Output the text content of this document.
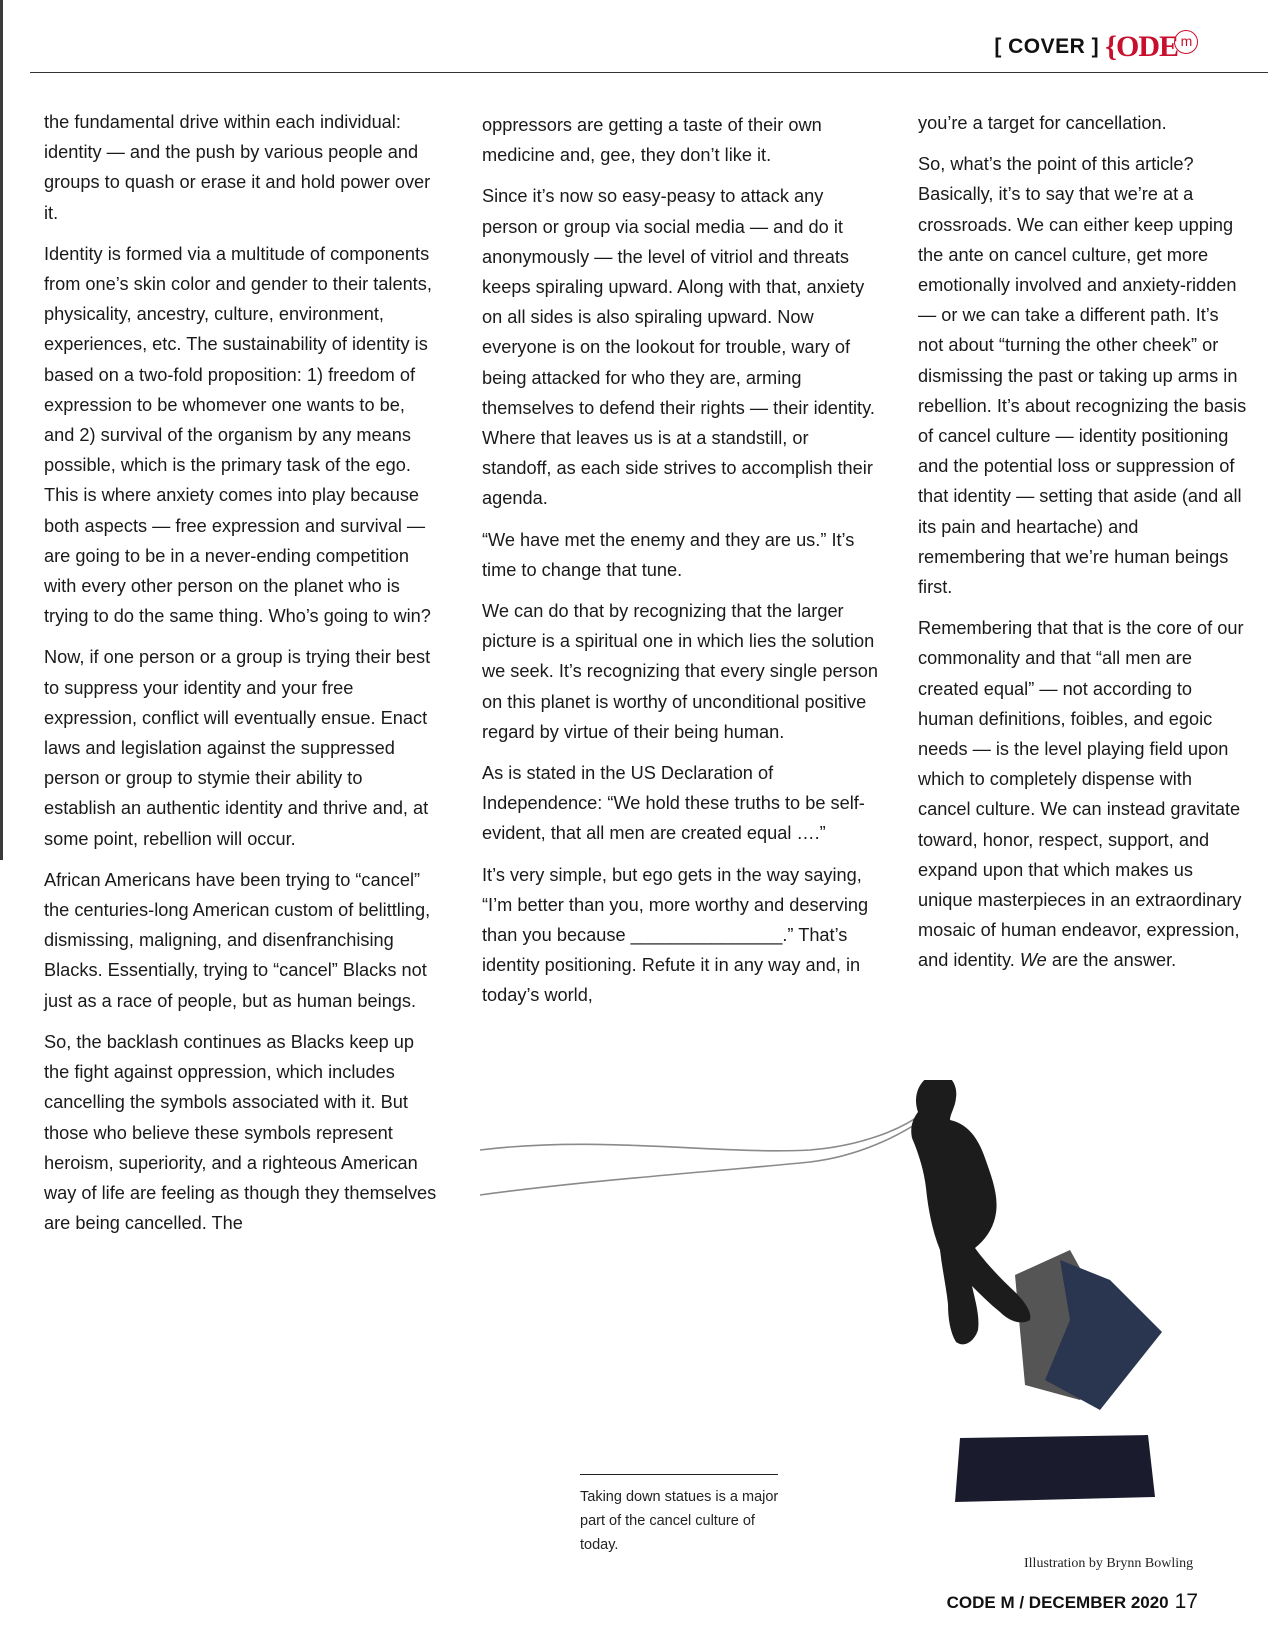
[ COVER ] {ODE m

the fundamental drive within each individual: identity — and the push by various people and groups to quash or erase it and hold power over it.

Identity is formed via a multitude of components from one’s skin color and gender to their talents, physicality, ancestry, culture, environment, experiences, etc. The sustainability of identity is based on a two-fold proposition: 1) freedom of expression to be whomever one wants to be, and 2) survival of the organism by any means possible, which is the primary task of the ego. This is where anxiety comes into play because both aspects — free expression and survival — are going to be in a never-ending competition with every other person on the planet who is trying to do the same thing. Who’s going to win?

Now, if one person or a group is trying their best to suppress your identity and your free expression, conflict will eventually ensue. Enact laws and legislation against the suppressed person or group to stymie their ability to establish an authentic identity and thrive and, at some point, rebellion will occur.

African Americans have been trying to “cancel” the centuries-long American custom of belittling, dismissing, maligning, and disenfranchising Blacks. Essentially, trying to “cancel” Blacks not just as a race of people, but as human beings.

So, the backlash continues as Blacks keep up the fight against oppression, which includes cancelling the symbols associated with it. But those who believe these symbols represent heroism, superiority, and a righteous American way of life are feeling as though they themselves are being cancelled. The

oppressors are getting a taste of their own medicine and, gee, they don’t like it.

Since it’s now so easy-peasy to attack any person or group via social media — and do it anonymously — the level of vitriol and threats keeps spiraling upward. Along with that, anxiety on all sides is also spiraling upward. Now everyone is on the lookout for trouble, wary of being attacked for who they are, arming themselves to defend their rights — their identity. Where that leaves us is at a standstill, or standoff, as each side strives to accomplish their agenda.

“We have met the enemy and they are us.” It’s time to change that tune.

We can do that by recognizing that the larger picture is a spiritual one in which lies the solution we seek. It’s recognizing that every single person on this planet is worthy of unconditional positive regard by virtue of their being human.

As is stated in the US Declaration of Independence: “We hold these truths to be self-evident, that all men are created equal ….”

It’s very simple, but ego gets in the way saying, “I’m better than you, more worthy and deserving than you because _______________.” That’s identity positioning. Refute it in any way and, in today’s world,

you’re a target for cancellation.

So, what’s the point of this article? Basically, it’s to say that we’re at a crossroads. We can either keep upping the ante on cancel culture, get more emotionally involved and anxiety-ridden — or we can take a different path. It’s not about “turning the other cheek” or dismissing the past or taking up arms in rebellion. It’s about recognizing the basis of cancel culture — identity positioning and the potential loss or suppression of that identity — setting that aside (and all its pain and heartache) and remembering that we’re human beings first.

Remembering that that is the core of our commonality and that “all men are created equal” — not according to human definitions, foibles, and egoic needs — is the level playing field upon which to completely dispense with cancel culture. We can instead gravitate toward, honor, respect, support, and expand upon that which makes us unique masterpieces in an extraordinary mosaic of human endeavor, expression, and identity. We are the answer.

Taking down statues is a major part of the cancel culture of today.
Illustration by Brynn Bowling
CODE M / DECEMBER 2020 17
